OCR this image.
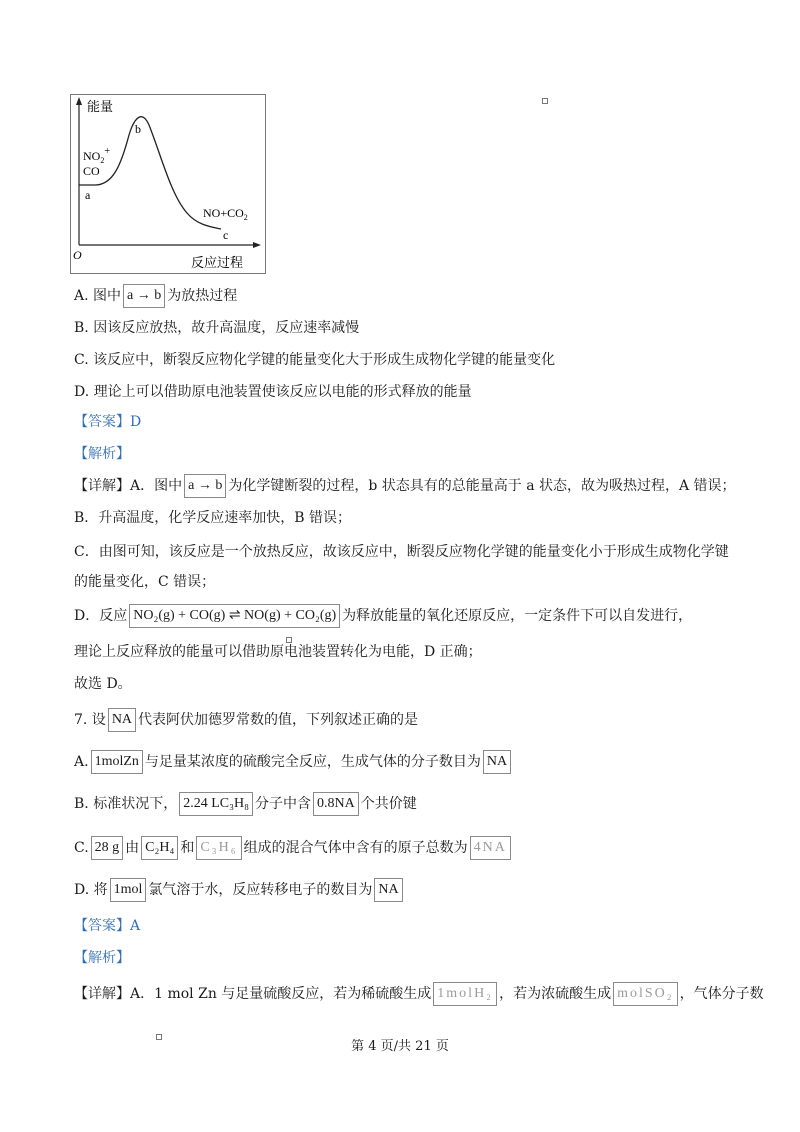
能量
b
$NO_2^+$
CO
a
$NO+CO_2$
c
O	反应过程
A. 图中 a → b 为放热过程
B. 因该反应放热，故升高温度，反应速率减慢
C. 该反应中，断裂反应物化学键的能量变化大于形成生成物化学键的能量变化
D. 理论上可以借助原电池装置使该反应以电能的形式释放的能量
【答案】D
【解析】
【详解】A．图中 a → b 为化学键断裂的过程，b 状态具有的总能量高于 a 状态，故为吸热过程，A 错误；
B．升高温度，化学反应速率加快，B 错误；
C．由图可知，该反应是一个放热反应，故该反应中，断裂反应物化学键的能量变化小于形成生成物化学键
的能量变化，C 错误；
D．反应 NO₂(g) + CO(g) ⇌ NO(g) + CO₂(g) 为释放能量的氧化还原反应，一定条件下可以自发进行，
理论上反应释放的能量可以借助原电池装置转化为电能，D 正确；
故选 D。
7. 设 NA 代表阿伏加德罗常数的值，下列叙述正确的是
A. 1molZn 与足量某浓度的硫酸完全反应，生成气体的分子数目为 NA
B. 标准状况下， 2.24 LC₃H₈ 分子中含 0.8NA 个共价键
C. 28 g 由 C₂H₄ 和 C₃H₆ 组成的混合气体中含有的原子总数为 4NA
D. 将 1mol 氯气溶于水，反应转移电子的数目为 NA
【答案】A
【解析】
【详解】A．1 mol Zn 与足量硫酸反应，若为稀硫酸生成 1molH₂ ，若为浓硫酸生成 molSO₂ ，气体分子数
第 4 页/共 21 页
